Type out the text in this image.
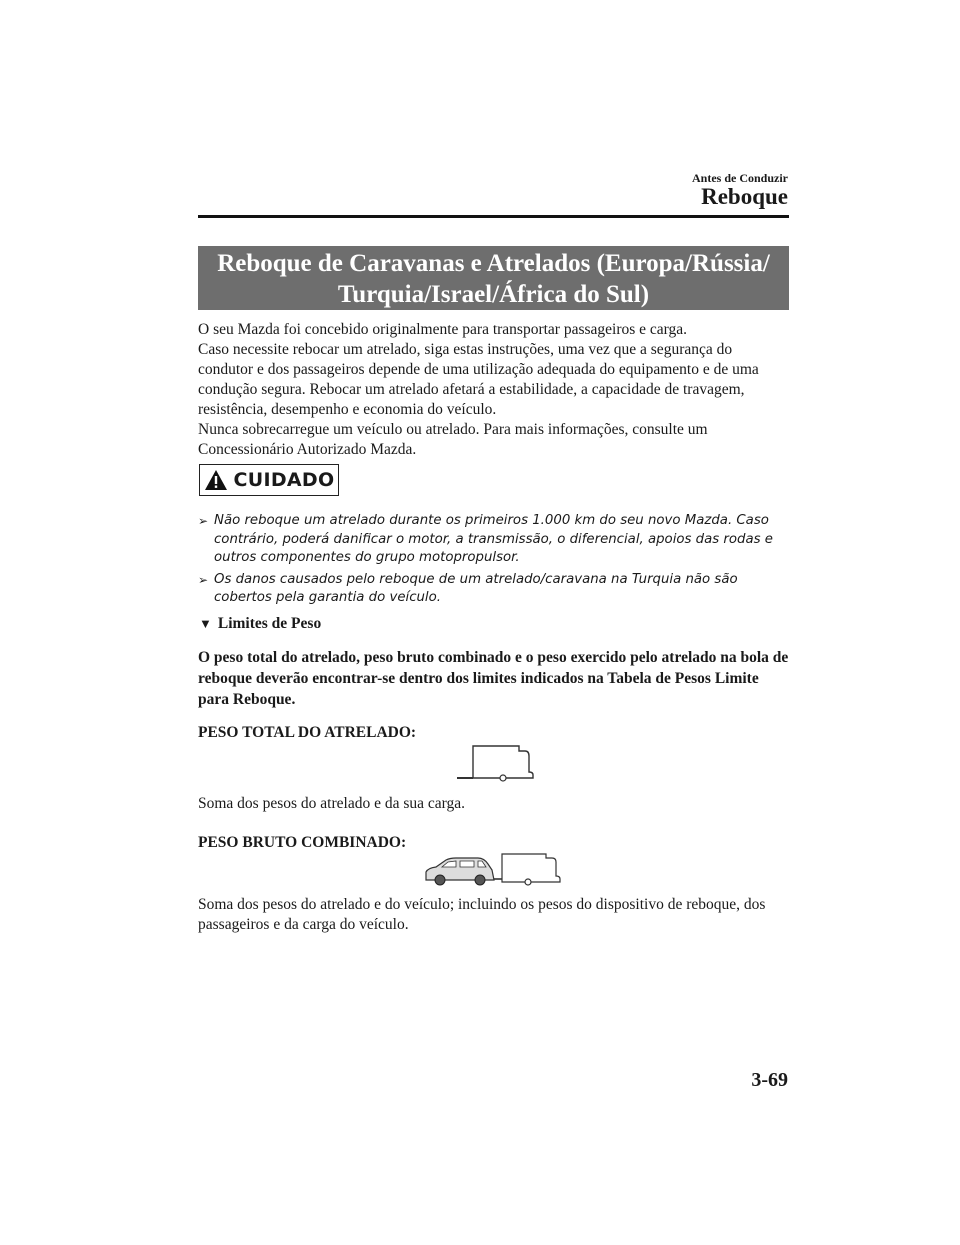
Antes de Conduzir
Reboque
Reboque de Caravanas e Atrelados (Europa/Rússia/
Turquia/Israel/África do Sul)

O seu Mazda foi concebido originalmente para transportar passageiros e carga.

Caso necessite rebocar um atrelado, siga estas instruções, uma vez que a segurança do condutor e dos passageiros depende de uma utilização adequada do equipamento e de uma condução segura. Rebocar um atrelado afetará a estabilidade, a capacidade de travagem, resistência, desempenho e economia do veículo.

Nunca sobrecarregue um veículo ou atrelado. Para mais informações, consulte um Concessionário Autorizado Mazda.

CUIDADO
➢ Não reboque um atrelado durante os primeiros 1.000 km do seu novo Mazda. Caso contrário, poderá danificar o motor, a transmissão, o diferencial, apoios das rodas e outros componentes do grupo motopropulsor.
➢ Os danos causados pelo reboque de um atrelado/caravana na Turquia não são cobertos pela garantia do veículo.
▼ Limites de Peso
O peso total do atrelado, peso bruto combinado e o peso exercido pelo atrelado na bola de reboque deverão encontrar-se dentro dos limites indicados na Tabela de Pesos Limite para Reboque.
PESO TOTAL DO ATRELADO:
Soma dos pesos do atrelado e da sua carga.
PESO BRUTO COMBINADO:
Soma dos pesos do atrelado e do veículo; incluindo os pesos do dispositivo de reboque, dos passageiros e da carga do veículo.
3-69
